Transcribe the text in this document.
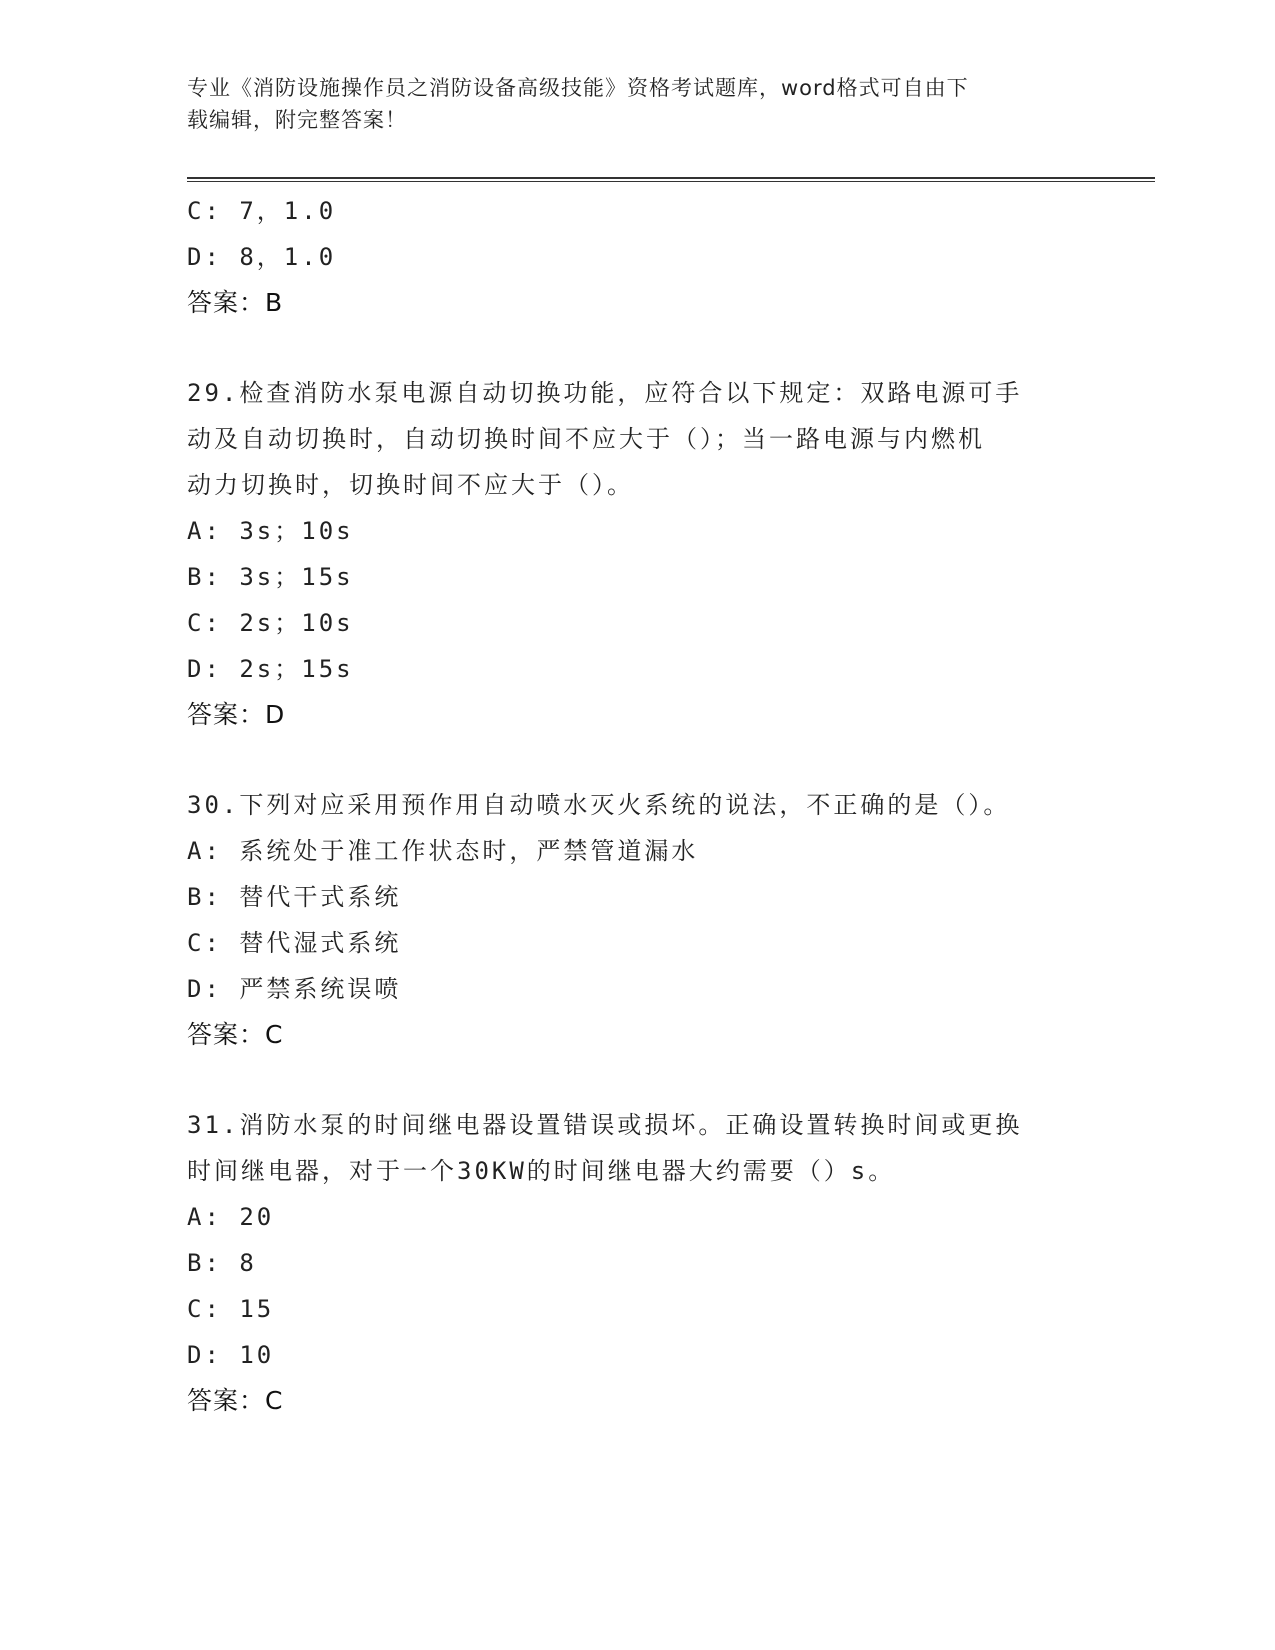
专业《消防设施操作员之消防设备高级技能》资格考试题库，word格式可自由下
载编辑，附完整答案！
C: 7，1.0
D: 8，1.0
答案：B
29.检查消防水泵电源自动切换功能，应符合以下规定：双路电源可手
动及自动切换时，自动切换时间不应大于（）；当一路电源与内燃机
动力切换时，切换时间不应大于（）。
A: 3s；10s
B: 3s；15s
C: 2s；10s
D: 2s；15s
答案：D
30.下列对应采用预作用自动喷水灭火系统的说法，不正确的是（）。
A: 系统处于准工作状态时，严禁管道漏水
B: 替代干式系统
C: 替代湿式系统
D: 严禁系统误喷
答案：C
31.消防水泵的时间继电器设置错误或损坏。正确设置转换时间或更换
时间继电器，对于一个30KW的时间继电器大约需要（）s。
A: 20
B: 8
C: 15
D: 10
答案：C
